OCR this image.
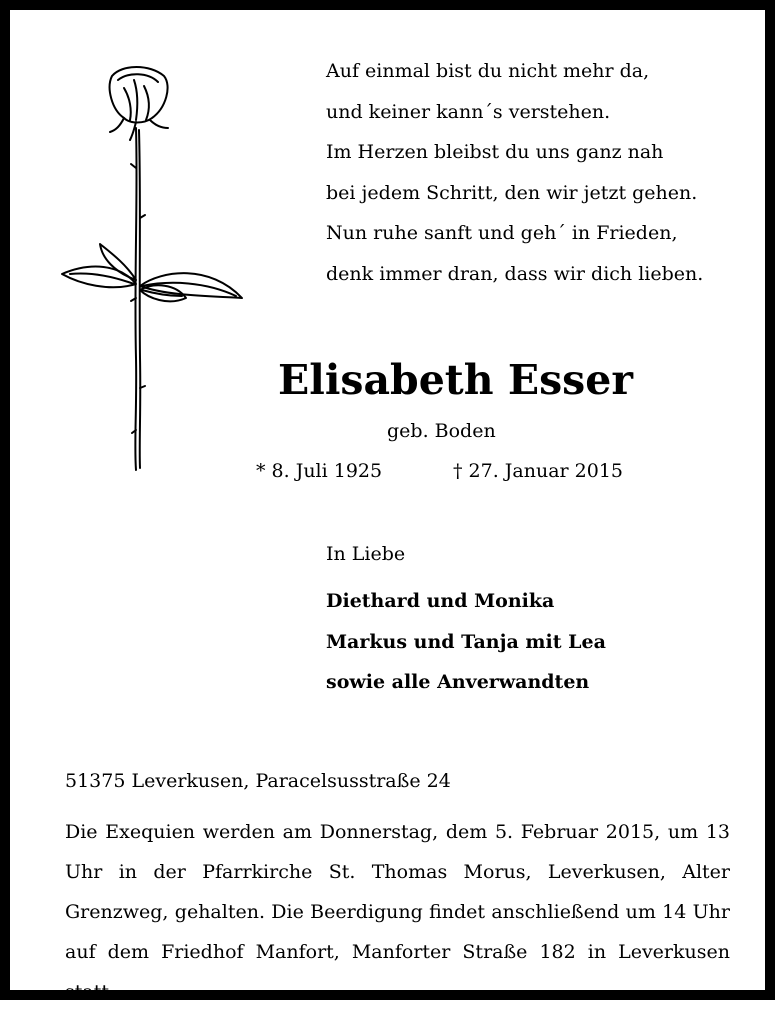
Auf einmal bist du nicht mehr da,
und keiner kann´s verstehen.
Im Herzen bleibst du uns ganz nah
bei jedem Schritt, den wir jetzt gehen.
Nun ruhe sanft und geh´ in Frieden,
denk immer dran, dass wir dich lieben.
Elisabeth Esser
geb. Boden
* 8. Juli 1925	† 27. Januar 2015
In Liebe
Diethard und Monika
Markus und Tanja mit Lea
sowie alle Anverwandten
51375 Leverkusen, Paracelsusstraße 24

Die Exequien werden am Donnerstag, dem 5. Februar 2015, um 13 Uhr in der Pfarrkirche St. Thomas Morus, Leverkusen, Alter Grenzweg, gehalten. Die Beerdigung findet anschließend um 14 Uhr auf dem Friedhof Manfort, Manforter Straße 182 in Leverkusen statt.
